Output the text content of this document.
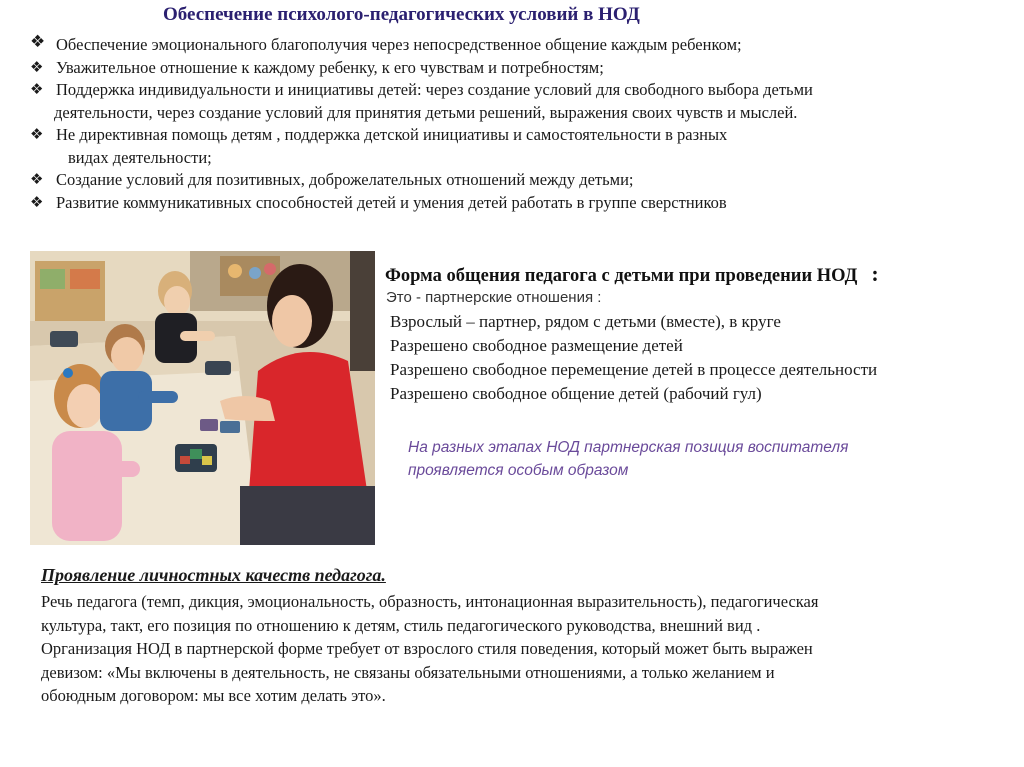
Обеспечение психолого-педагогических условий в НОД
❖ Обеспечение эмоционального благополучия через непосредственное общение каждым ребенком;
❖ Уважительное отношение к каждому ребенку, к его чувствам и потребностям;
❖ Поддержка индивидуальности и инициативы детей: через создание условий для свободного выбора детьми
деятельности, через создание условий для принятия детьми решений, выражения своих чувств и мыслей.
❖ Не директивная помощь детям , поддержка детской инициативы и самостоятельности в разных
видах деятельности;
❖ Создание условий для позитивных, доброжелательных отношений между детьми;
❖ Развитие коммуникативных способностей детей и умения детей работать в группе сверстников
Форма общения педагога с детьми при проведении НОД :
Это - партнерские отношения :
Взрослый – партнер, рядом с детьми (вместе), в круге
Разрешено свободное размещение детей
Разрешено свободное перемещение детей в процессе деятельности
Разрешено свободное общение детей (рабочий гул)
На разных этапах НОД партнерская позиция воспитателя
проявляется особым образом
Проявление личностных качеств педагога.
Речь педагога (темп, дикция, эмоциональность, образность, интонационная выразительность), педагогическая
культура, такт, его позиция по отношению к детям, стиль педагогического руководства, внешний вид .
Организация НОД в партнерской форме требует от взрослого стиля поведения, который может быть выражен
девизом: «Мы включены в деятельность, не связаны обязательными отношениями, а только желанием и
обоюдным договором: мы все хотим делать это».
